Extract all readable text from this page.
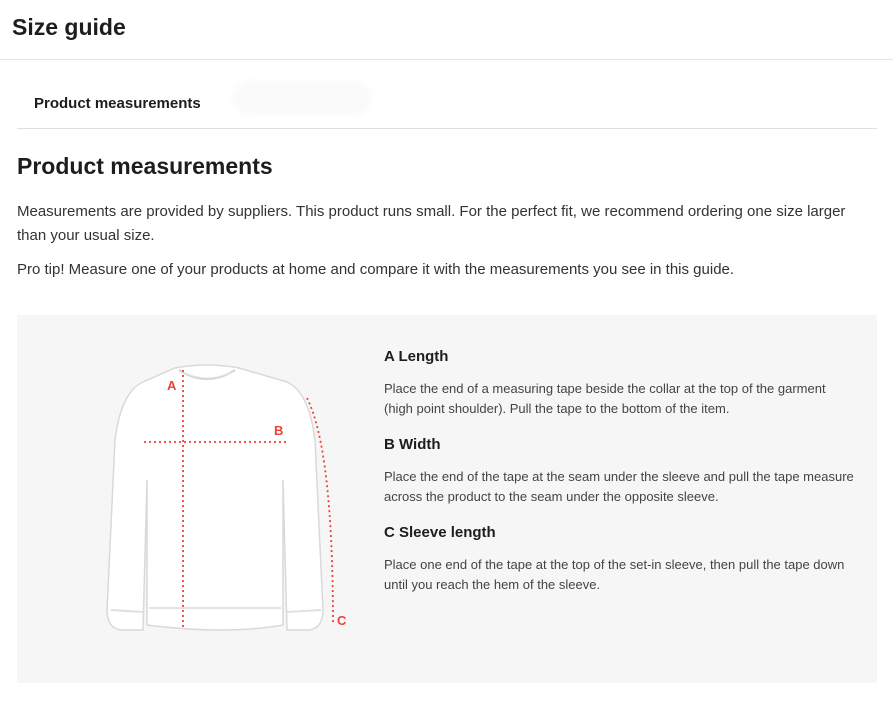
Size guide
Product measurements
Product measurements

Measurements are provided by suppliers. This product runs small. For the perfect fit, we recommend ordering one size larger than your usual size.

Pro tip! Measure one of your products at home and compare it with the measurements you see in this guide.

A
B
C

A Length

Place the end of a measuring tape beside the collar at the top of the garment (high point shoulder). Pull the tape to the bottom of the item.

B Width

Place the end of the tape at the seam under the sleeve and pull the tape measure across the product to the seam under the opposite sleeve.

C Sleeve length

Place one end of the tape at the top of the set-in sleeve, then pull the tape down until you reach the hem of the sleeve.
